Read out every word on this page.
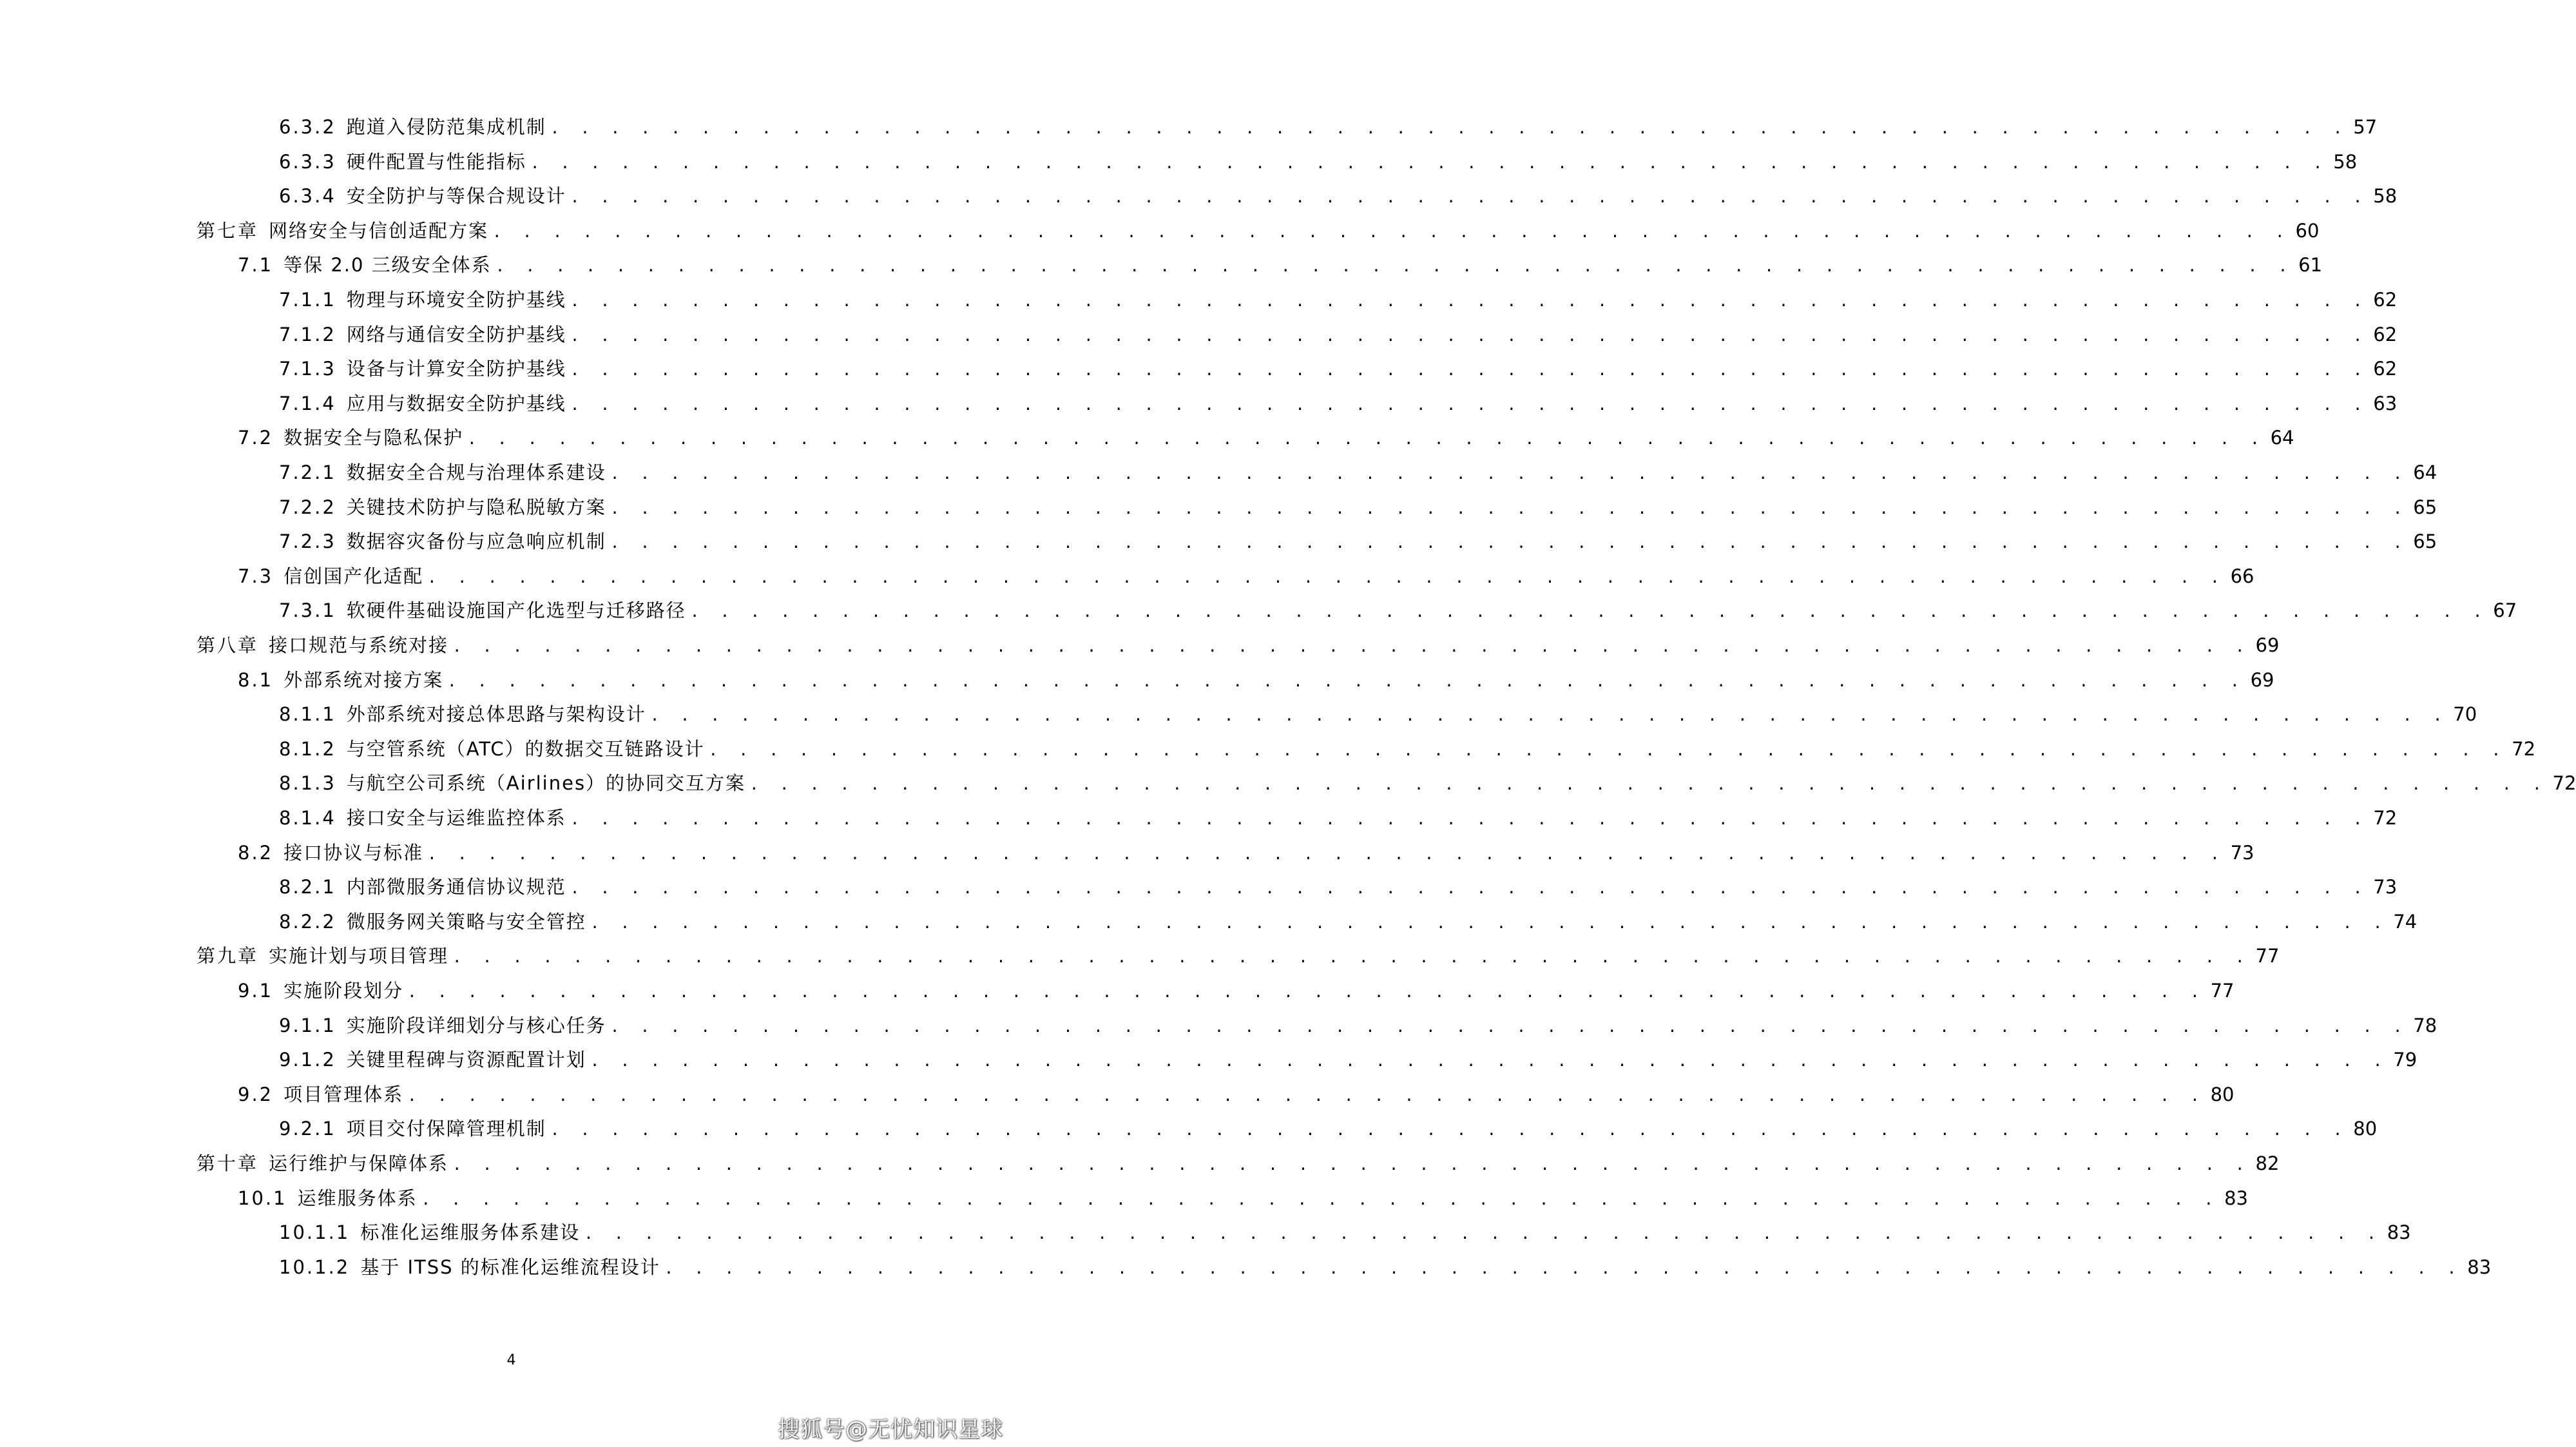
6.3.2 跑道入侵防范集成机制 . . . . . . . . . . . . . . . . . . . . . . . . . . . . . . . . . . . . . . . . . . . . . . . . . . . . . . . . . . . . 57
6.3.3 硬件配置与性能指标 . . . . . . . . . . . . . . . . . . . . . . . . . . . . . . . . . . . . . . . . . . . . . . . . . . . . . . . . . . . . 58
6.3.4 安全防护与等保合规设计 . . . . . . . . . . . . . . . . . . . . . . . . . . . . . . . . . . . . . . . . . . . . . . . . . . . . . . . . . . . . 58
第七章 网络安全与信创适配方案 . . . . . . . . . . . . . . . . . . . . . . . . . . . . . . . . . . . . . . . . . . . . . . . . . . . . . . . . . . . . 60
7.1 等保 2.0 三级安全体系 . . . . . . . . . . . . . . . . . . . . . . . . . . . . . . . . . . . . . . . . . . . . . . . . . . . . . . . . . . . . 61
7.1.1 物理与环境安全防护基线 . . . . . . . . . . . . . . . . . . . . . . . . . . . . . . . . . . . . . . . . . . . . . . . . . . . . . . . . . . . . 62
7.1.2 网络与通信安全防护基线 . . . . . . . . . . . . . . . . . . . . . . . . . . . . . . . . . . . . . . . . . . . . . . . . . . . . . . . . . . . . 62
7.1.3 设备与计算安全防护基线 . . . . . . . . . . . . . . . . . . . . . . . . . . . . . . . . . . . . . . . . . . . . . . . . . . . . . . . . . . . . 62
7.1.4 应用与数据安全防护基线 . . . . . . . . . . . . . . . . . . . . . . . . . . . . . . . . . . . . . . . . . . . . . . . . . . . . . . . . . . . . 63
7.2 数据安全与隐私保护 . . . . . . . . . . . . . . . . . . . . . . . . . . . . . . . . . . . . . . . . . . . . . . . . . . . . . . . . . . . . 64
7.2.1 数据安全合规与治理体系建设 . . . . . . . . . . . . . . . . . . . . . . . . . . . . . . . . . . . . . . . . . . . . . . . . . . . . . . . . . . . . 64
7.2.2 关键技术防护与隐私脱敏方案 . . . . . . . . . . . . . . . . . . . . . . . . . . . . . . . . . . . . . . . . . . . . . . . . . . . . . . . . . . . . 65
7.2.3 数据容灾备份与应急响应机制 . . . . . . . . . . . . . . . . . . . . . . . . . . . . . . . . . . . . . . . . . . . . . . . . . . . . . . . . . . . . 65
7.3 信创国产化适配 . . . . . . . . . . . . . . . . . . . . . . . . . . . . . . . . . . . . . . . . . . . . . . . . . . . . . . . . . . . . 66
7.3.1 软硬件基础设施国产化选型与迁移路径 . . . . . . . . . . . . . . . . . . . . . . . . . . . . . . . . . . . . . . . . . . . . . . . . . . . . . . . . . . . . 67
第八章 接口规范与系统对接 . . . . . . . . . . . . . . . . . . . . . . . . . . . . . . . . . . . . . . . . . . . . . . . . . . . . . . . . . . . . 69
8.1 外部系统对接方案 . . . . . . . . . . . . . . . . . . . . . . . . . . . . . . . . . . . . . . . . . . . . . . . . . . . . . . . . . . . . 69
8.1.1 外部系统对接总体思路与架构设计 . . . . . . . . . . . . . . . . . . . . . . . . . . . . . . . . . . . . . . . . . . . . . . . . . . . . . . . . . . . . 70
8.1.2 与空管系统（ATC）的数据交互链路设计 . . . . . . . . . . . . . . . . . . . . . . . . . . . . . . . . . . . . . . . . . . . . . . . . . . . . . . . . . . . . 72
8.1.3 与航空公司系统（Airlines）的协同交互方案 . . . . . . . . . . . . . . . . . . . . . . . . . . . . . . . . . . . . . . . . . . . . . . . . . . . . . . . . . . . . 72
8.1.4 接口安全与运维监控体系 . . . . . . . . . . . . . . . . . . . . . . . . . . . . . . . . . . . . . . . . . . . . . . . . . . . . . . . . . . . . 72
8.2 接口协议与标准 . . . . . . . . . . . . . . . . . . . . . . . . . . . . . . . . . . . . . . . . . . . . . . . . . . . . . . . . . . . . 73
8.2.1 内部微服务通信协议规范 . . . . . . . . . . . . . . . . . . . . . . . . . . . . . . . . . . . . . . . . . . . . . . . . . . . . . . . . . . . . 73
8.2.2 微服务网关策略与安全管控 . . . . . . . . . . . . . . . . . . . . . . . . . . . . . . . . . . . . . . . . . . . . . . . . . . . . . . . . . . . . 74
第九章 实施计划与项目管理 . . . . . . . . . . . . . . . . . . . . . . . . . . . . . . . . . . . . . . . . . . . . . . . . . . . . . . . . . . . . 77
9.1 实施阶段划分 . . . . . . . . . . . . . . . . . . . . . . . . . . . . . . . . . . . . . . . . . . . . . . . . . . . . . . . . . . . . 77
9.1.1 实施阶段详细划分与核心任务 . . . . . . . . . . . . . . . . . . . . . . . . . . . . . . . . . . . . . . . . . . . . . . . . . . . . . . . . . . . . 78
9.1.2 关键里程碑与资源配置计划 . . . . . . . . . . . . . . . . . . . . . . . . . . . . . . . . . . . . . . . . . . . . . . . . . . . . . . . . . . . . 79
9.2 项目管理体系 . . . . . . . . . . . . . . . . . . . . . . . . . . . . . . . . . . . . . . . . . . . . . . . . . . . . . . . . . . . . 80
9.2.1 项目交付保障管理机制 . . . . . . . . . . . . . . . . . . . . . . . . . . . . . . . . . . . . . . . . . . . . . . . . . . . . . . . . . . . . 80
第十章 运行维护与保障体系 . . . . . . . . . . . . . . . . . . . . . . . . . . . . . . . . . . . . . . . . . . . . . . . . . . . . . . . . . . . . 82
10.1 运维服务体系 . . . . . . . . . . . . . . . . . . . . . . . . . . . . . . . . . . . . . . . . . . . . . . . . . . . . . . . . . . . . 83
10.1.1 标准化运维服务体系建设 . . . . . . . . . . . . . . . . . . . . . . . . . . . . . . . . . . . . . . . . . . . . . . . . . . . . . . . . . . . . 83
10.1.2 基于 ITSS 的标准化运维流程设计 . . . . . . . . . . . . . . . . . . . . . . . . . . . . . . . . . . . . . . . . . . . . . . . . . . . . . . . . . . . . 83
4
搜狐号@无忧知识星球
